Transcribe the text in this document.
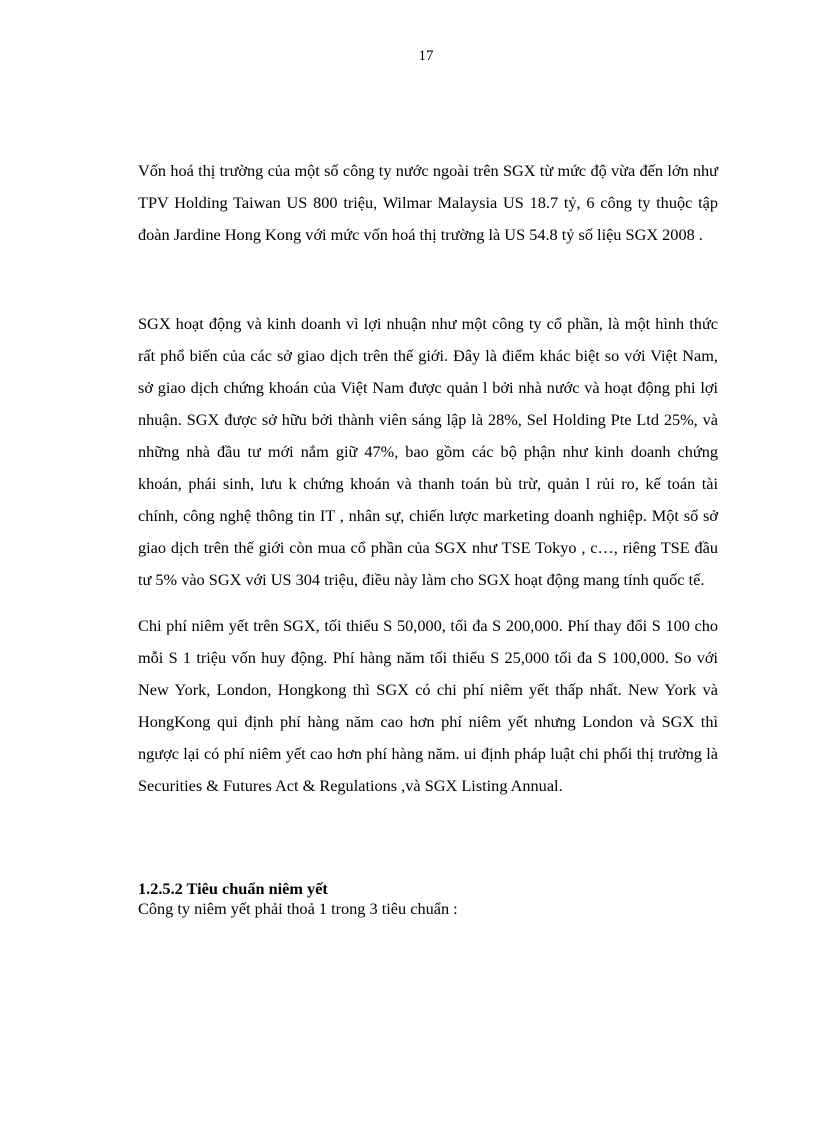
17

Vốn hoá thị trường của một số công ty nước ngoài trên SGX từ mức độ vừa đến lớn như TPV Holding Taiwan US 800 triệu, Wilmar Malaysia US 18.7 tỷ, 6 công ty thuộc tập đoàn Jardine Hong Kong với mức vốn hoá thị trường là US 54.8 tỷ số liệu SGX 2008 .

SGX hoạt động và kinh doanh vì lợi nhuận như một công ty cổ phần, là một hình thức rất phổ biến của các sở giao dịch trên thế giới. Đây là điểm khác biệt so với Việt Nam, sở giao dịch chứng khoán của Việt Nam được quản l bởi nhà nước và hoạt động phi lợi nhuận. SGX được sở hữu bởi thành viên sáng lập là 28%, Sel Holding Pte Ltd 25%, và những nhà đầu tư mới nắm giữ 47%, bao gồm các bộ phận như kinh doanh chứng khoán, phái sinh, lưu k chứng khoán và thanh toán bù trừ, quản l rủi ro, kế toán tài chính, công nghệ thông tin IT , nhân sự, chiến lược marketing doanh nghiệp. Một số sở giao dịch trên thế giới còn mua cổ phần của SGX như TSE Tokyo , c…, riêng TSE đầu tư 5% vào SGX với US 304 triệu, điều này làm cho SGX hoạt động mang tính quốc tế.

Chi phí niêm yết trên SGX, tối thiểu S 50,000, tối đa S 200,000. Phí thay đổi S 100 cho mỗi S 1 triệu vốn huy động. Phí hàng năm tối thiểu S 25,000 tối đa S 100,000. So với New York, London, Hongkong thì SGX có chi phí niêm yết thấp nhất. New York và HongKong qui định phí hàng năm cao hơn phí niêm yết nhưng London và SGX thì ngược lại có phí niêm yết cao hơn phí hàng năm. ui định pháp luật chi phối thị trường là Securities & Futures Act & Regulations ,và SGX Listing Annual.

1.2.5.2 Tiêu chuẩn niêm yết

Công ty niêm yết phải thoả 1 trong 3 tiêu chuẩn :
